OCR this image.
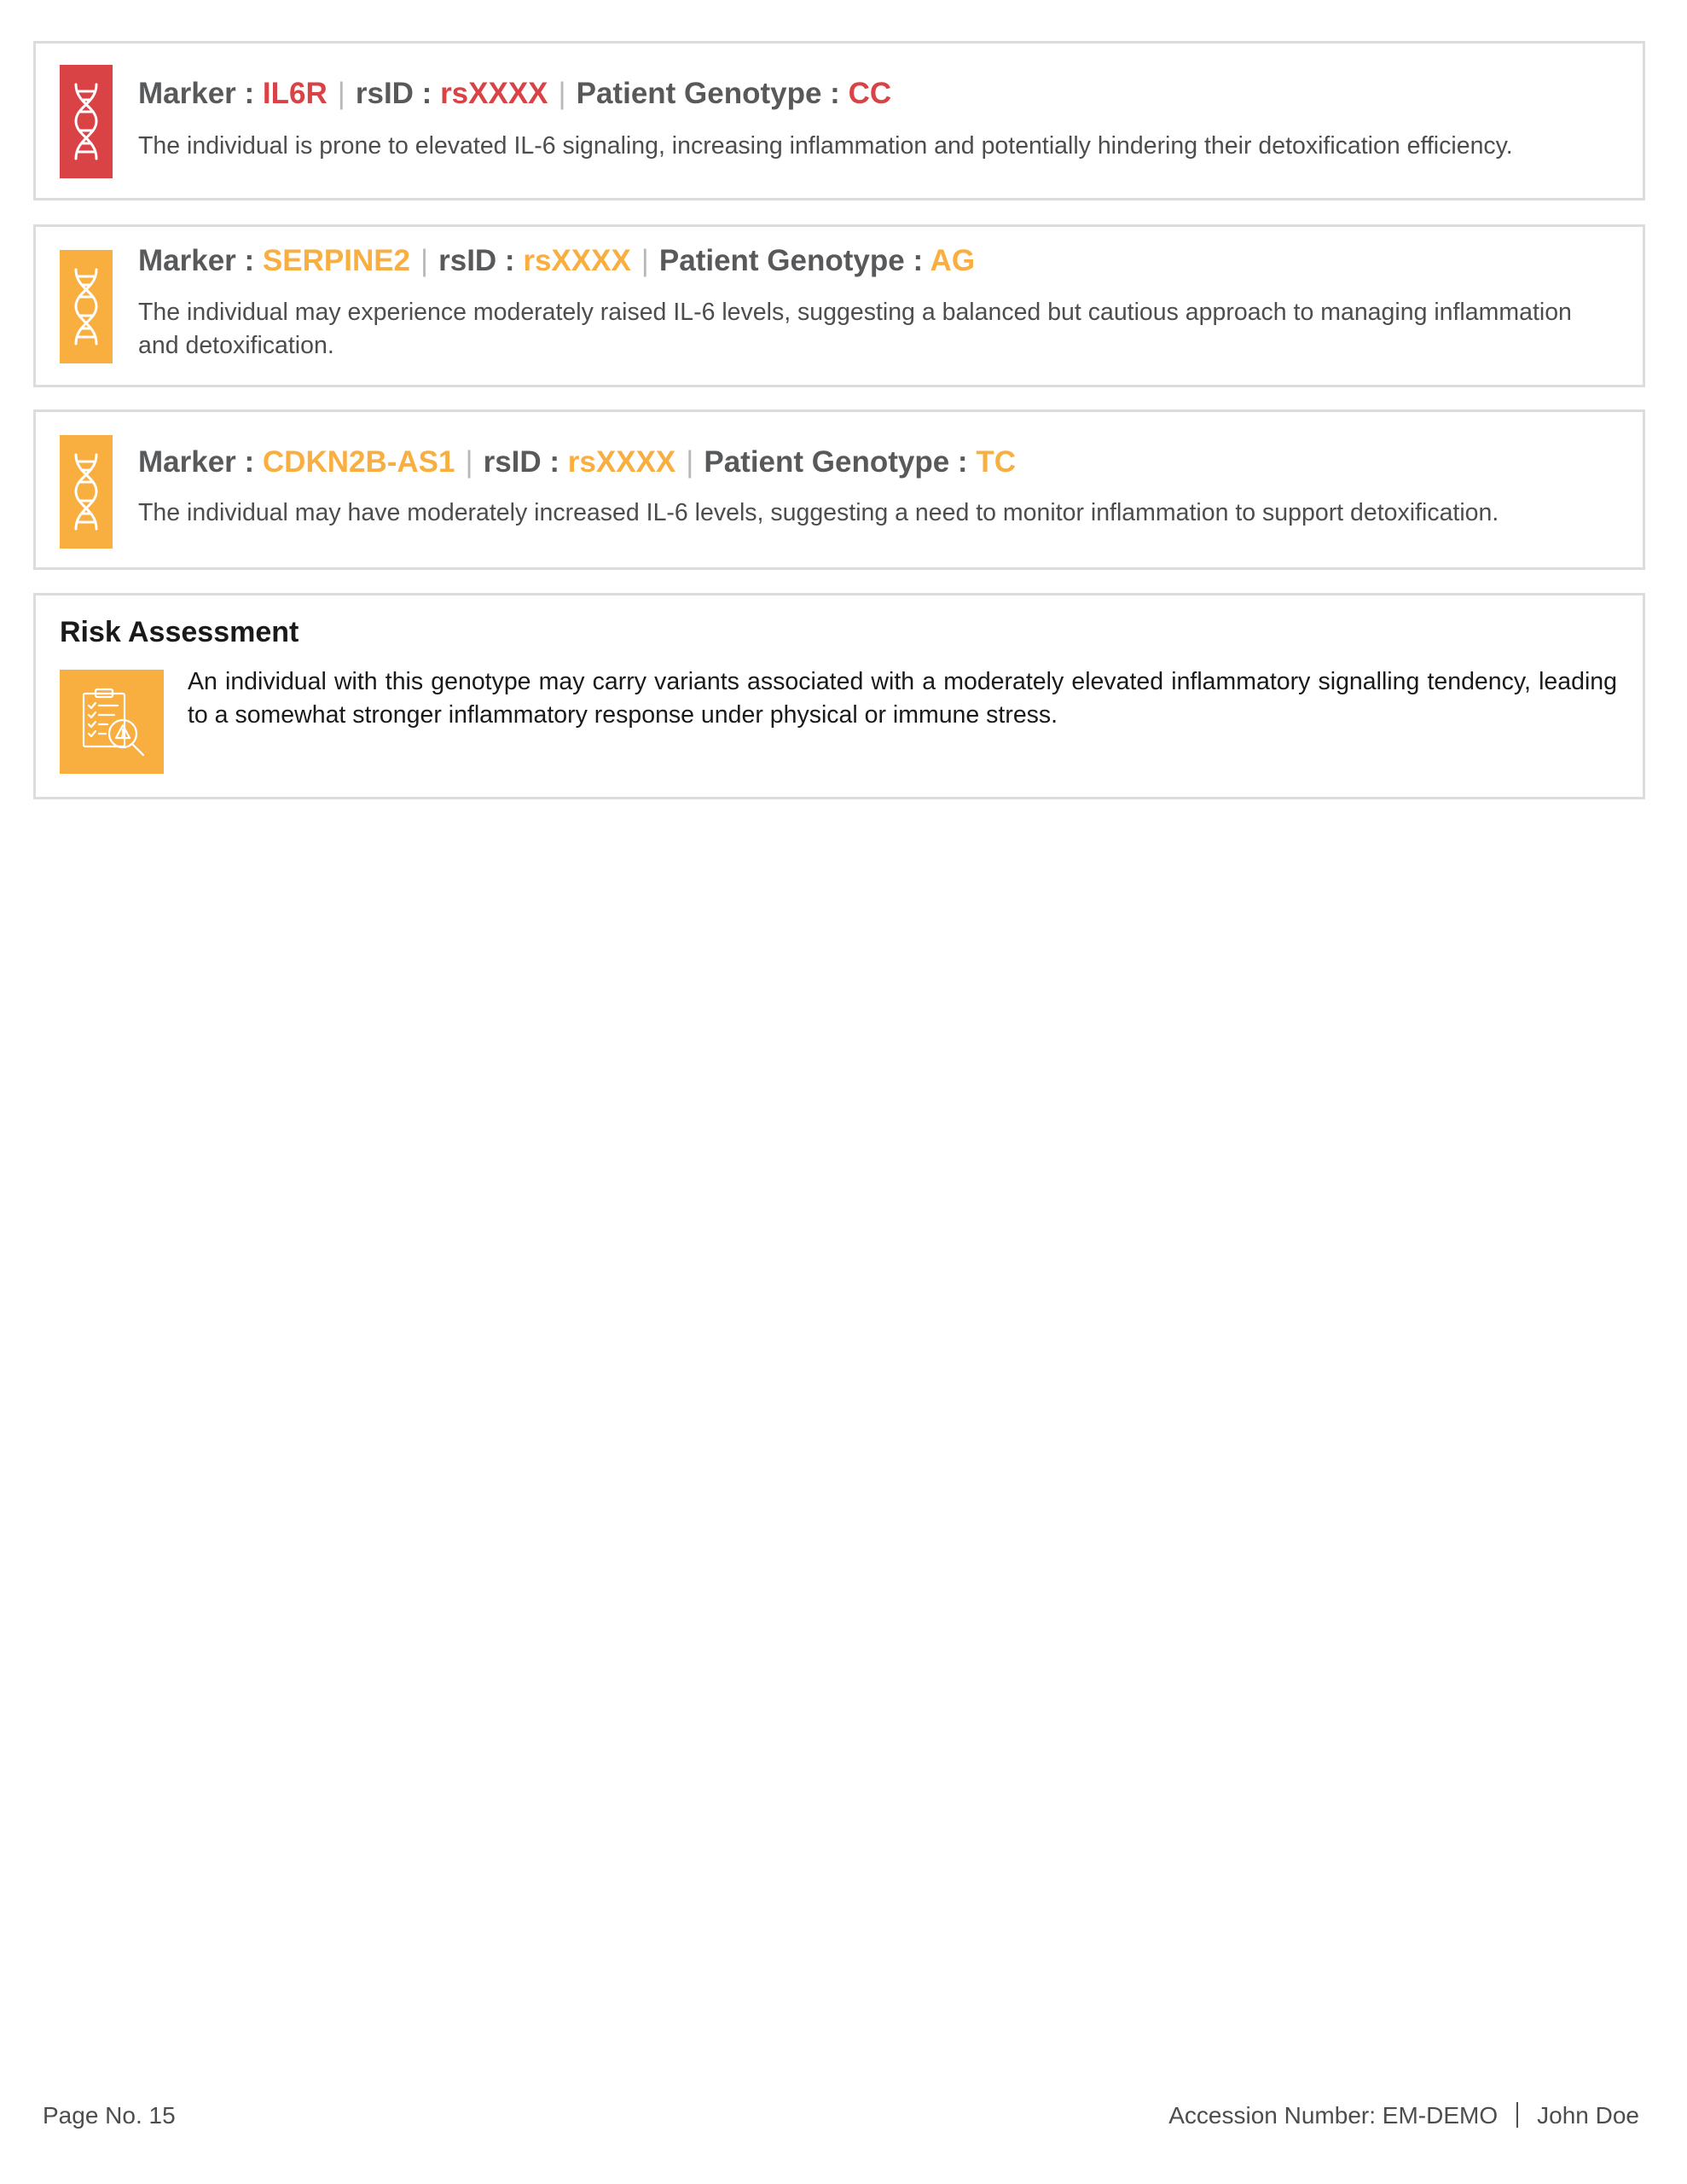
Marker : IL6R | rsID : rsXXXX | Patient Genotype : CC
The individual is prone to elevated IL-6 signaling, increasing inflammation and potentially hindering their detoxification efficiency.
Marker : SERPINE2 | rsID : rsXXXX | Patient Genotype : AG
The individual may experience moderately raised IL-6 levels, suggesting a balanced but cautious approach to managing inflammation and detoxification.
Marker : CDKN2B-AS1 | rsID : rsXXXX | Patient Genotype : TC
The individual may have moderately increased IL-6 levels, suggesting a need to monitor inflammation to support detoxification.
Risk Assessment
An individual with this genotype may carry variants associated with a moderately elevated inflammatory signalling tendency, leading to a somewhat stronger inflammatory response under physical or immune stress.
Page No. 15	Accession Number: EM-DEMO John Doe
